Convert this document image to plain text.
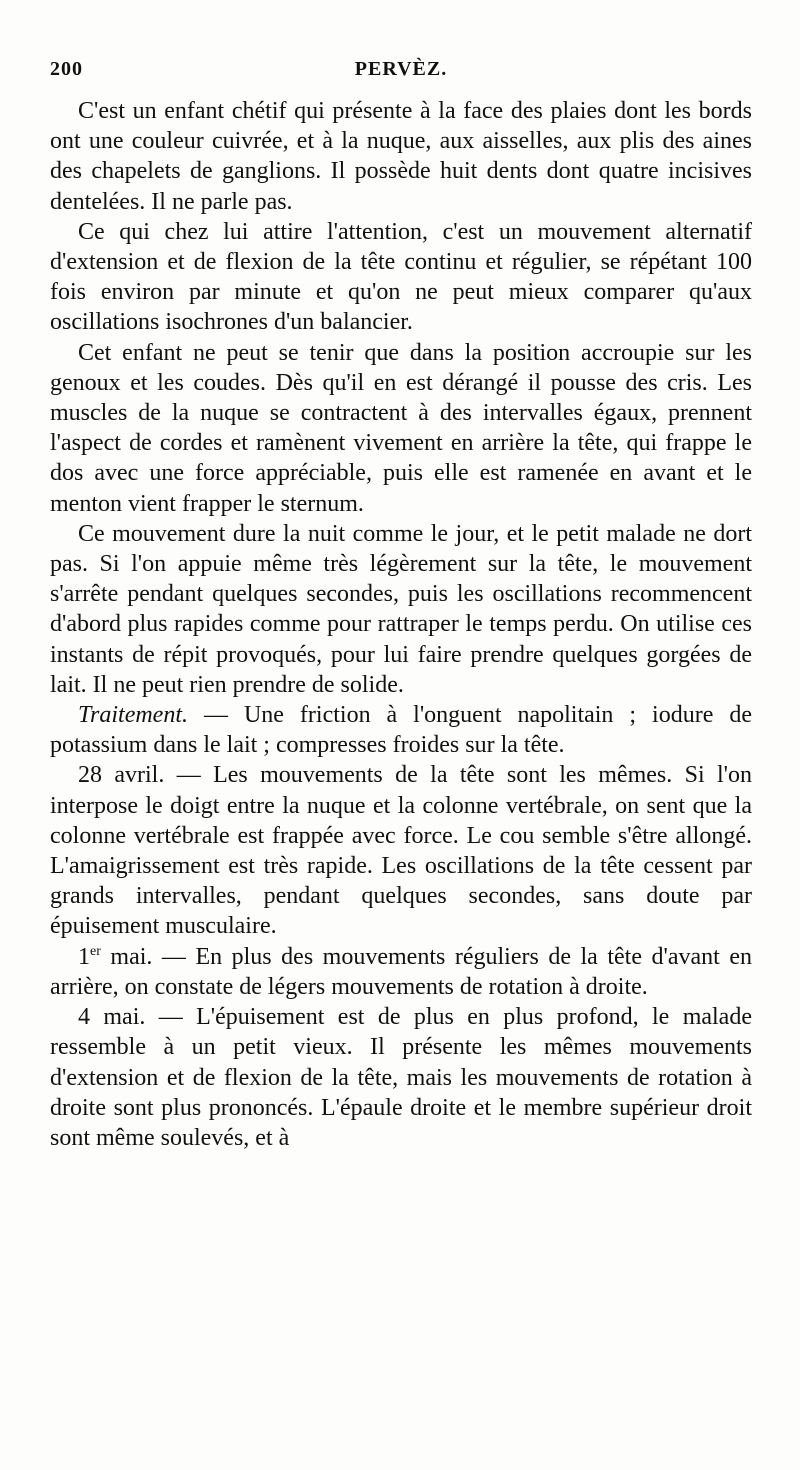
200	PERVÈZ.

C'est un enfant chétif qui présente à la face des plaies dont les bords ont une couleur cuivrée, et à la nuque, aux aisselles, aux plis des aines des chapelets de ganglions. Il possède huit dents dont quatre incisives dentelées. Il ne parle pas.

Ce qui chez lui attire l'attention, c'est un mouvement alternatif d'extension et de flexion de la tête continu et régulier, se répétant 100 fois environ par minute et qu'on ne peut mieux comparer qu'aux oscillations isochrones d'un balancier.

Cet enfant ne peut se tenir que dans la position accroupie sur les genoux et les coudes. Dès qu'il en est dérangé il pousse des cris. Les muscles de la nuque se contractent à des intervalles égaux, prennent l'aspect de cordes et ramènent vivement en arrière la tête, qui frappe le dos avec une force appréciable, puis elle est ramenée en avant et le menton vient frapper le sternum.

Ce mouvement dure la nuit comme le jour, et le petit malade ne dort pas. Si l'on appuie même très légèrement sur la tête, le mouvement s'arrête pendant quelques secondes, puis les oscillations recommencent d'abord plus rapides comme pour rattraper le temps perdu. On utilise ces instants de répit provoqués, pour lui faire prendre quelques gorgées de lait. Il ne peut rien prendre de solide.

Traitement. — Une friction à l'onguent napolitain ; iodure de potassium dans le lait ; compresses froides sur la tête.

28 avril. — Les mouvements de la tête sont les mêmes. Si l'on interpose le doigt entre la nuque et la colonne vertébrale, on sent que la colonne vertébrale est frappée avec force. Le cou semble s'être allongé. L'amaigrissement est très rapide. Les oscillations de la tête cessent par grands intervalles, pendant quelques secondes, sans doute par épuisement musculaire.

1er mai. — En plus des mouvements réguliers de la tête d'avant en arrière, on constate de légers mouvements de rotation à droite.

4 mai. — L'épuisement est de plus en plus profond, le malade ressemble à un petit vieux. Il présente les mêmes mouvements d'extension et de flexion de la tête, mais les mouvements de rotation à droite sont plus prononcés. L'épaule droite et le membre supérieur droit sont même soulevés, et à
